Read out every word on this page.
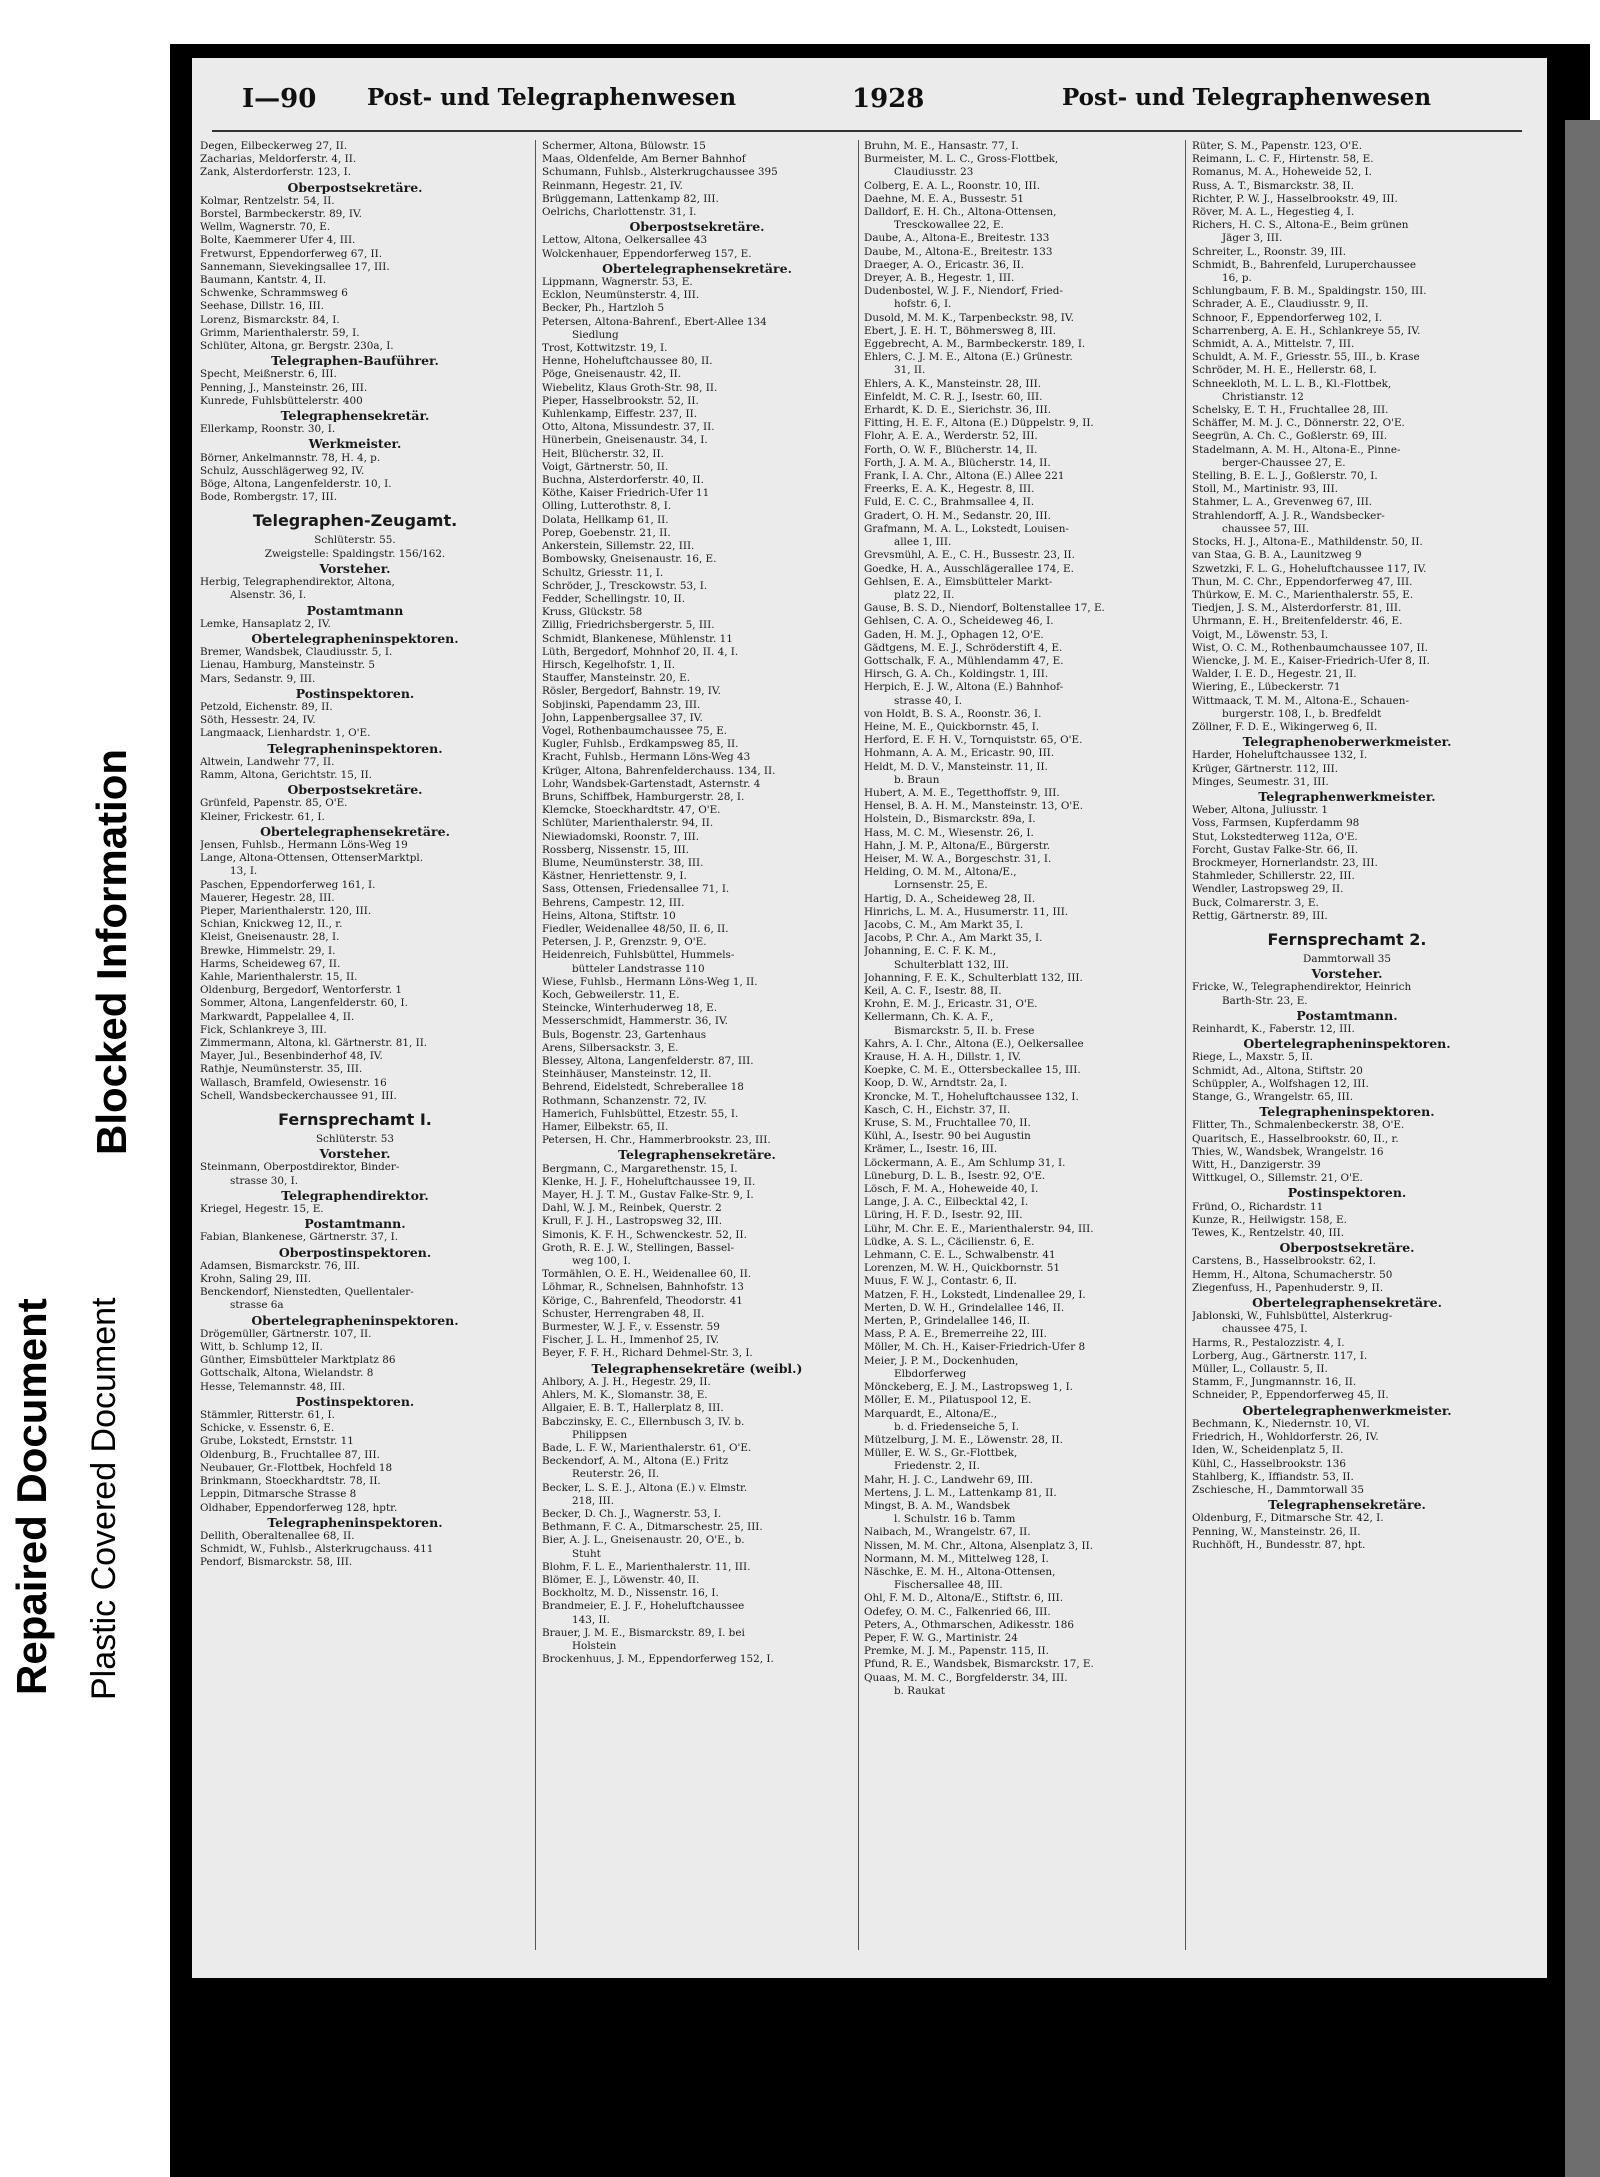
Repaired Document Plastic Covered Document
Blocked Information
I—90 Post- und Telegraphenwesen	1928	Post- und Telegraphenwesen
Degen, Eilbeckerweg 27, II.
Zacharias, Meldorferstr. 4, II.
Zank, Alsterdorferstr. 123, I.
Oberpostsekretäre.
Kolmar, Rentzelstr. 54, II.
Borstel, Barmbeckerstr. 89, IV.
Wellm, Wagnerstr. 70, E.
Bolte, Kaemmerer Ufer 4, III.
Fretwurst, Eppendorferweg 67, II.
Sannemann, Sievekingsallee 17, III.
Baumann, Kantstr. 4, II.
Schwenke, Schrammsweg 6
Seehase, Dillstr. 16, III.
Lorenz, Bismarckstr. 84, I.
Grimm, Marienthalerstr. 59, I.
Schlüter, Altona, gr. Bergstr. 230a, I.
Telegraphen-Bauführer.
Specht, Meißnerstr. 6, III.
Penning, J., Mansteinstr. 26, III.
Kunrede, Fuhlsbüttelerstr. 400
Telegraphensekretär.
Ellerkamp, Roonstr. 30, I.
Werkmeister.
Börner, Ankelmannstr. 78, H. 4, p.
Schulz, Ausschlägerweg 92, IV.
Böge, Altona, Langenfelderstr. 10, I.
Bode, Rombergstr. 17, III.
Telegraphen-Zeugamt.
Schlüterstr. 55.
Zweigstelle: Spaldingstr. 156/162.
Vorsteher.
Herbig, Telegraphendirektor, Altona,
Alsenstr. 36, I.
Postamtmann
Lemke, Hansaplatz 2, IV.
Obertelegrapheninspektoren.
Bremer, Wandsbek, Claudiusstr. 5, I.
Lienau, Hamburg, Mansteinstr. 5
Mars, Sedanstr. 9, III.
Postinspektoren.
Petzold, Eichenstr. 89, II.
Söth, Hessestr. 24, IV.
Langmaack, Lienhardstr. 1, O'E.
Telegrapheninspektoren.
Altwein, Landwehr 77, II.
Ramm, Altona, Gerichtstr. 15, II.
Oberpostsekretäre.
Grünfeld, Papenstr. 85, O'E.
Kleiner, Frickestr. 61, I.
Obertelegraphensekretäre.
Jensen, Fuhlsb., Hermann Löns-Weg 19
Lange, Altona-Ottensen, OttenserMarktpl.
13, I.
Paschen, Eppendorferweg 161, I.
Mauerer, Hegestr. 28, III.
Pieper, Marienthalerstr. 120, III.
Schian, Knickweg 12, II., r.
Kleist, Gneisenaustr. 28, I.
Brewke, Himmelstr. 29, I.
Harms, Scheideweg 67, II.
Kahle, Marienthalerstr. 15, II.
Oldenburg, Bergedorf, Wentorferstr. 1
Sommer, Altona, Langenfelderstr. 60, I.
Markwardt, Pappelallee 4, II.
Fick, Schlankreye 3, III.
Zimmermann, Altona, kl. Gärtnerstr. 81, II.
Mayer, Jul., Besenbinderhof 48, IV.
Rathje, Neumünsterstr. 35, III.
Wallasch, Bramfeld, Owiesenstr. 16
Schell, Wandsbeckerchaussee 91, III.
Fernsprechamt I.
Schlüterstr. 53
Vorsteher.
Steinmann, Oberpostdirektor, Binder-
strasse 30, I.
Telegraphendirektor.
Kriegel, Hegestr. 15, E.
Postamtmann.
Fabian, Blankenese, Gärtnerstr. 37, I.
Oberpostinspektoren.
Adamsen, Bismarckstr. 76, III.
Krohn, Saling 29, III.
Benckendorf, Nienstedten, Quellentaler-
strasse 6a
Obertelegrapheninspektoren.
Drögemüller, Gärtnerstr. 107, II.
Witt, b. Schlump 12, II.
Günther, Eimsbütteler Marktplatz 86
Gottschalk, Altona, Wielandstr. 8
Hesse, Telemannstr. 48, III.
Postinspektoren.
Stämmler, Ritterstr. 61, I.
Schicke, v. Essenstr. 6, E.
Grube, Lokstedt, Ernststr. 11
Oldenburg, B., Fruchtallee 87, III.
Neubauer, Gr.-Flottbek, Hochfeld 18
Brinkmann, Stoeckhardtstr. 78, II.
Leppin, Ditmarsche Strasse 8
Oldhaber, Eppendorferweg 128, hptr.
Telegrapheninspektoren.
Dellith, Oberaltenallee 68, II.
Schmidt, W., Fuhlsb., Alsterkrugchauss. 411
Pendorf, Bismarckstr. 58, III.
Schermer, Altona, Bülowstr. 15
Maas, Oldenfelde, Am Berner Bahnhof
Schumann, Fuhlsb., Alsterkrugchaussee 395
Reinmann, Hegestr. 21, IV.
Brüggemann, Lattenkamp 82, III.
Oelrichs, Charlottenstr. 31, I.
Oberpostsekretäre.
Lettow, Altona, Oelkersallee 43
Wolckenhauer, Eppendorferweg 157, E.
Obertelegraphensekretäre.
Lippmann, Wagnerstr. 53, E.
Ecklon, Neumünsterstr. 4, III.
Becker, Ph., Hartzloh 5
Petersen, Altona-Bahrenf., Ebert-Allee 134
Siedlung
Trost, Kottwitzstr. 19, I.
Henne, Hoheluftchaussee 80, II.
Pöge, Gneisenaustr. 42, II.
Wiebelitz, Klaus Groth-Str. 98, II.
Pieper, Hasselbrookstr. 52, II.
Kuhlenkamp, Eiffestr. 237, II.
Otto, Altona, Missundestr. 37, II.
Hünerbein, Gneisenaustr. 34, I.
Heit, Blücherstr. 32, II.
Voigt, Gärtnerstr. 50, II.
Buchna, Alsterdorferstr. 40, II.
Köthe, Kaiser Friedrich-Ufer 11
Olling, Lutterothstr. 8, I.
Dolata, Hellkamp 61, II.
Porep, Goebenstr. 21, II.
Ankerstein, Sillemstr. 22, III.
Bombowsky, Gneisenaustr. 16, E.
Schultz, Griesstr. 11, I.
Schröder, J., Tresckowstr. 53, I.
Fedder, Schellingstr. 10, II.
Kruss, Glückstr. 58
Zillig, Friedrichsbergerstr. 5, III.
Schmidt, Blankenese, Mühlenstr. 11
Lüth, Bergedorf, Mohnhof 20, II. 4, I.
Hirsch, Kegelhofstr. 1, II.
Stauffer, Mansteinstr. 20, E.
Rösler, Bergedorf, Bahnstr. 19, IV.
Sobjinski, Papendamm 23, III.
John, Lappenbergsallee 37, IV.
Vogel, Rothenbaumchaussee 75, E.
Kugler, Fuhlsb., Erdkampsweg 85, II.
Kracht, Fuhlsb., Hermann Löns-Weg 43
Krüger, Altona, Bahrenfelderchauss. 134, II.
Lohr, Wandsbek-Gartenstadt, Asternstr. 4
Bruns, Schiffbek, Hamburgerstr. 28, I.
Klemcke, Stoeckhardtstr. 47, O'E.
Schlüter, Marienthalerstr. 94, II.
Niewiadomski, Roonstr. 7, III.
Rossberg, Nissenstr. 15, III.
Blume, Neumünsterstr. 38, III.
Kästner, Henriettenstr. 9, I.
Sass, Ottensen, Friedensallee 71, I.
Behrens, Campestr. 12, III.
Heins, Altona, Stiftstr. 10
Fiedler, Weidenallee 48/50, II. 6, II.
Petersen, J. P., Grenzstr. 9, O'E.
Heidenreich, Fuhlsbüttel, Hummels-
bütteler Landstrasse 110
Wiese, Fuhlsb., Hermann Löns-Weg 1, II.
Koch, Gebweilerstr. 11, E.
Steincke, Winterhuderweg 18, E.
Messerschmidt, Hammerstr. 36, IV.
Buls, Bogenstr. 23, Gartenhaus
Arens, Silbersackstr. 3, E.
Blessey, Altona, Langenfelderstr. 87, III.
Steinhäuser, Mansteinstr. 12, II.
Behrend, Eidelstedt, Schreberallee 18
Rothmann, Schanzenstr. 72, IV.
Hamerich, Fuhlsbüttel, Etzestr. 55, I.
Hamer, Eilbekstr. 65, II.
Petersen, H. Chr., Hammerbrookstr. 23, III.
Telegraphensekretäre.
Bergmann, C., Margarethenstr. 15, I.
Klenke, H. J. F., Hoheluftchaussee 19, II.
Mayer, H. J. T. M., Gustav Falke-Str. 9, I.
Dahl, W. J. M., Reinbek, Querstr. 2
Krull, F. J. H., Lastropsweg 32, III.
Simonis, K. F. H., Schwenckestr. 52, II.
Groth, R. E. J. W., Stellingen, Bassel-
weg 100, I.
Tormählen, O. E. H., Weidenallee 60, II.
Löhmar, R., Schnelsen, Bahnhofstr. 13
Körige, C., Bahrenfeld, Theodorstr. 41
Schuster, Herrengraben 48, II.
Burmester, W. J. F., v. Essenstr. 59
Fischer, J. L. H., Immenhof 25, IV.
Beyer, F. F. H., Richard Dehmel-Str. 3, I.
Telegraphensekretäre (weibl.)
Ahlbory, A. J. H., Hegestr. 29, II.
Ahlers, M. K., Slomanstr. 38, E.
Allgaier, E. B. T., Hallerplatz 8, III.
Babczinsky, E. C., Ellernbusch 3, IV. b.
Philippsen
Bade, L. F. W., Marienthalerstr. 61, O'E.
Beckendorf, A. M., Altona (E.) Fritz
Reuterstr. 26, II.
Becker, L. S. E. J., Altona (E.) v. Elmstr.
218, III.
Becker, D. Ch. J., Wagnerstr. 53, I.
Bethmann, F. C. A., Ditmarschestr. 25, III.
Bier, A. J. L., Gneisenaustr. 20, O'E., b.
Stuht
Blohm, F. L. E., Marienthalerstr. 11, III.
Blömer, E. J., Löwenstr. 40, II.
Bockholtz, M. D., Nissenstr. 16, I.
Brandmeier, E. J. F., Hoheluftchaussee
143, II.
Brauer, J. M. E., Bismarckstr. 89, I. bei
Holstein
Brockenhuus, J. M., Eppendorferweg 152, I.
Bruhn, M. E., Hansastr. 77, I.
Burmeister, M. L. C., Gross-Flottbek,
Claudiusstr. 23
Colberg, E. A. L., Roonstr. 10, III.
Daehne, M. E. A., Bussestr. 51
Dalldorf, E. H. Ch., Altona-Ottensen,
Tresckowallee 22, E.
Daube, A., Altona-E., Breitestr. 133
Daube, M., Altona-E., Breitestr. 133
Draeger, A. O., Ericastr. 36, II.
Dreyer, A. B., Hegestr. 1, III.
Dudenbostel, W. J. F., Niendorf, Fried-
hofstr. 6, I.
Dusold, M. M. K., Tarpenbeckstr. 98, IV.
Ebert, J. E. H. T., Böhmersweg 8, III.
Eggebrecht, A. M., Barmbeckerstr. 189, I.
Ehlers, C. J. M. E., Altona (E.) Grünestr.
31, II.
Ehlers, A. K., Mansteinstr. 28, III.
Einfeldt, M. C. R. J., Isestr. 60, III.
Erhardt, K. D. E., Sierichstr. 36, III.
Fitting, H. E. F., Altona (E.) Düppelstr. 9, II.
Flohr, A. E. A., Werderstr. 52, III.
Forth, O. W. F., Blücherstr. 14, II.
Forth, J. A. M. A., Blücherstr. 14, II.
Frank, I. A. Chr., Altona (E.) Allee 221
Freerks, E. A. K., Hegestr. 8, III.
Fuld, E. C. C., Brahmsallee 4, II.
Gradert, O. H. M., Sedanstr. 20, III.
Grafmann, M. A. L., Lokstedt, Louisen-
allee 1, III.
Grevsmühl, A. E., C. H., Bussestr. 23, II.
Goedke, H. A., Ausschlägerallee 174, E.
Gehlsen, E. A., Eimsbütteler Markt-
platz 22, II.
Gause, B. S. D., Niendorf, Boltenstallee 17, E.
Gehlsen, C. A. O., Scheideweg 46, I.
Gaden, H. M. J., Ophagen 12, O'E.
Gädtgens, M. E. J., Schröderstift 4, E.
Gottschalk, F. A., Mühlendamm 47, E.
Hirsch, G. A. Ch., Koldingstr. 1, III.
Herpich, E. J. W., Altona (E.) Bahnhof-
strasse 40, I.
von Holdt, B. S. A., Roonstr. 36, I.
Heine, M. E., Quickbornstr. 45, I.
Herford, E. F. H. V., Tornquiststr. 65, O'E.
Hohmann, A. A. M., Ericastr. 90, III.
Heldt, M. D. V., Mansteinstr. 11, II.
b. Braun
Hubert, A. M. E., Tegetthoffstr. 9, III.
Hensel, B. A. H. M., Mansteinstr. 13, O'E.
Holstein, D., Bismarckstr. 89a, I.
Hass, M. C. M., Wiesenstr. 26, I.
Hahn, J. M. P., Altona/E., Bürgerstr.
Heiser, M. W. A., Borgeschstr. 31, I.
Helding, O. M. M., Altona/E.,
Lornsenstr. 25, E.
Hartig, D. A., Scheideweg 28, II.
Hinrichs, L. M. A., Husumerstr. 11, III.
Jacobs, C. M., Am Markt 35, I.
Jacobs, P. Chr. A., Am Markt 35, I.
Johanning, E. C. F. K. M.,
Schulterblatt 132, III.
Johanning, F. E. K., Schulterblatt 132, III.
Keil, A. C. F., Isestr. 88, II.
Krohn, E. M. J., Ericastr. 31, O'E.
Kellermann, Ch. K. A. F.,
Bismarckstr. 5, II. b. Frese
Kahrs, A. I. Chr., Altona (E.), Oelkersallee
Krause, H. A. H., Dillstr. 1, IV.
Koepke, C. M. E., Ottersbeckallee 15, III.
Koop, D. W., Arndtstr. 2a, I.
Kroncke, M. T., Hoheluftchaussee 132, I.
Kasch, C. H., Eichstr. 37, II.
Kruse, S. M., Fruchtallee 70, II.
Kühl, A., Isestr. 90 bei Augustin
Krämer, L., Isestr. 16, III.
Löckermann, A. E., Am Schlump 31, I.
Lüneburg, D. L. B., Isestr. 92, O'E.
Lösch, F. M. A., Hoheweide 40, I.
Lange, J. A. C., Eilbecktal 42, I.
Lüring, H. F. D., Isestr. 92, III.
Lühr, M. Chr. E. E., Marienthalerstr. 94, III.
Lüdke, A. S. L., Cäcilienstr. 6, E.
Lehmann, C. E. L., Schwalbenstr. 41
Lorenzen, M. W. H., Quickbornstr. 51
Muus, F. W. J., Contastr. 6, II.
Matzen, F. H., Lokstedt, Lindenallee 29, I.
Merten, D. W. H., Grindelallee 146, II.
Merten, P., Grindelallee 146, II.
Mass, P. A. E., Bremerreihe 22, III.
Möller, M. Ch. H., Kaiser-Friedrich-Ufer 8
Meier, J. P. M., Dockenhuden,
Elbdorferweg
Mönckeberg, E. J. M., Lastropsweg 1, I.
Möller, E. M., Pilatuspool 12, E.
Marquardt, E., Altona/E.,
b. d. Friedenseiche 5, I.
Mützelburg, J. M. E., Löwenstr. 28, II.
Müller, E. W. S., Gr.-Flottbek,
Friedenstr. 2, II.
Mahr, H. J. C., Landwehr 69, III.
Mertens, J. L. M., Lattenkamp 81, II.
Mingst, B. A. M., Wandsbek
l. Schulstr. 16 b. Tamm
Naibach, M., Wrangelstr. 67, II.
Nissen, M. M. Chr., Altona, Alsenplatz 3, II.
Normann, M. M., Mittelweg 128, I.
Näschke, E. M. H., Altona-Ottensen,
Fischersallee 48, III.
Ohl, F. M. D., Altona/E., Stiftstr. 6, III.
Odefey, O. M. C., Falkenried 66, III.
Peters, A., Othmarschen, Adikesstr. 186
Peper, F. W. G., Martinistr. 24
Premke, M. J. M., Papenstr. 115, II.
Pfund, R. E., Wandsbek, Bismarckstr. 17, E.
Quaas, M. M. C., Borgfelderstr. 34, III.
b. Raukat
Rüter, S. M., Papenstr. 123, O'E.
Reimann, L. C. F., Hirtenstr. 58, E.
Romanus, M. A., Hoheweide 52, I.
Russ, A. T., Bismarckstr. 38, II.
Richter, P. W. J., Hasselbrookstr. 49, III.
Röver, M. A. L., Hegestieg 4, I.
Richers, H. C. S., Altona-E., Beim grünen
Jäger 3, III.
Schreiter, L., Roonstr. 39, III.
Schmidt, B., Bahrenfeld, Luruperchaussee
16, p.
Schlungbaum, F. B. M., Spaldingstr. 150, III.
Schrader, A. E., Claudiusstr. 9, II.
Schnoor, F., Eppendorferweg 102, I.
Scharrenberg, A. E. H., Schlankreye 55, IV.
Schmidt, A. A., Mittelstr. 7, III.
Schuldt, A. M. F., Griesstr. 55, III., b. Krase
Schröder, M. H. E., Hellerstr. 68, I.
Schneekloth, M. L. L. B., Kl.-Flottbek,
Christianstr. 12
Schelsky, E. T. H., Fruchtallee 28, III.
Schäffer, M. M. J. C., Dönnerstr. 22, O'E.
Seegrün, A. Ch. C., Goßlerstr. 69, III.
Stadelmann, A. M. H., Altona-E., Pinne-
berger-Chaussee 27, E.
Stelling, B. E. L. J., Goßlerstr. 70, I.
Stoll, M., Martinistr. 93, III.
Stahmer, L. A., Grevenweg 67, III.
Strahlendorff, A. J. R., Wandsbecker-
chaussee 57, III.
Stocks, H. J., Altona-E., Mathildenstr. 50, II.
van Staa, G. B. A., Launitzweg 9
Szwetzki, F. L. G., Hoheluftchaussee 117, IV.
Thun, M. C. Chr., Eppendorferweg 47, III.
Thürkow, E. M. C., Marienthalerstr. 55, E.
Tiedjen, J. S. M., Alsterdorferstr. 81, III.
Uhrmann, E. H., Breitenfelderstr. 46, E.
Voigt, M., Löwenstr. 53, I.
Wist, O. C. M., Rothenbaumchaussee 107, II.
Wiencke, J. M. E., Kaiser-Friedrich-Ufer 8, II.
Walder, I. E. D., Hegestr. 21, II.
Wiering, E., Lübeckerstr. 71
Wittmaack, T. M. M., Altona-E., Schauen-
burgerstr. 108, I., b. Bredfeldt
Zöllner, F. D. E., Wikingerweg 6, II.
Telegraphenoberwerkmeister.
Harder, Hoheluftchaussee 132, I.
Krüger, Gärtnerstr. 112, III.
Minges, Seumestr. 31, III.
Telegraphenwerkmeister.
Weber, Altona, Juliusstr. 1
Voss, Farmsen, Kupferdamm 98
Stut, Lokstedterweg 112a, O'E.
Forcht, Gustav Falke-Str. 66, II.
Brockmeyer, Hornerlandstr. 23, III.
Stahmleder, Schillerstr. 22, III.
Wendler, Lastropsweg 29, II.
Buck, Colmarerstr. 3, E.
Rettig, Gärtnerstr. 89, III.
Fernsprechamt 2.
Dammtorwall 35
Vorsteher.
Fricke, W., Telegraphendirektor, Heinrich
Barth-Str. 23, E.
Postamtmann.
Reinhardt, K., Faberstr. 12, III.
Obertelegrapheninspektoren.
Riege, L., Maxstr. 5, II.
Schmidt, Ad., Altona, Stiftstr. 20
Schüppler, A., Wolfshagen 12, III.
Stange, G., Wrangelstr. 65, III.
Telegrapheninspektoren.
Flitter, Th., Schmalenbeckerstr. 38, O'E.
Quaritsch, E., Hasselbrookstr. 60, II., r.
Thies, W., Wandsbek, Wrangelstr. 16
Witt, H., Danzigerstr. 39
Wittkugel, O., Sillemstr. 21, O'E.
Postinspektoren.
Fründ, O., Richardstr. 11
Kunze, R., Heilwigstr. 158, E.
Tewes, K., Rentzelstr. 40, III.
Oberpostsekretäre.
Carstens, B., Hasselbrookstr. 62, I.
Hemm, H., Altona, Schumacherstr. 50
Ziegenfuss, H., Papenhuderstr. 9, II.
Obertelegraphensekretäre.
Jablonski, W., Fuhlsbüttel, Alsterkrug-
chaussee 475, I.
Harms, R., Pestalozzistr. 4, I.
Lorberg, Aug., Gärtnerstr. 117, I.
Müller, L., Collaustr. 5, II.
Stamm, F., Jungmannstr. 16, II.
Schneider, P., Eppendorferweg 45, II.
Obertelegraphenwerkmeister.
Bechmann, K., Niedernstr. 10, VI.
Friedrich, H., Wohldorferstr. 26, IV.
Iden, W., Scheidenplatz 5, II.
Kühl, C., Hasselbrookstr. 136
Stahlberg, K., Iffiandstr. 53, II.
Zschiesche, H., Dammtorwall 35
Telegraphensekretäre.
Oldenburg, F., Ditmarsche Str. 42, I.
Penning, W., Mansteinstr. 26, II.
Ruchhöft, H., Bundesstr. 87, hpt.
